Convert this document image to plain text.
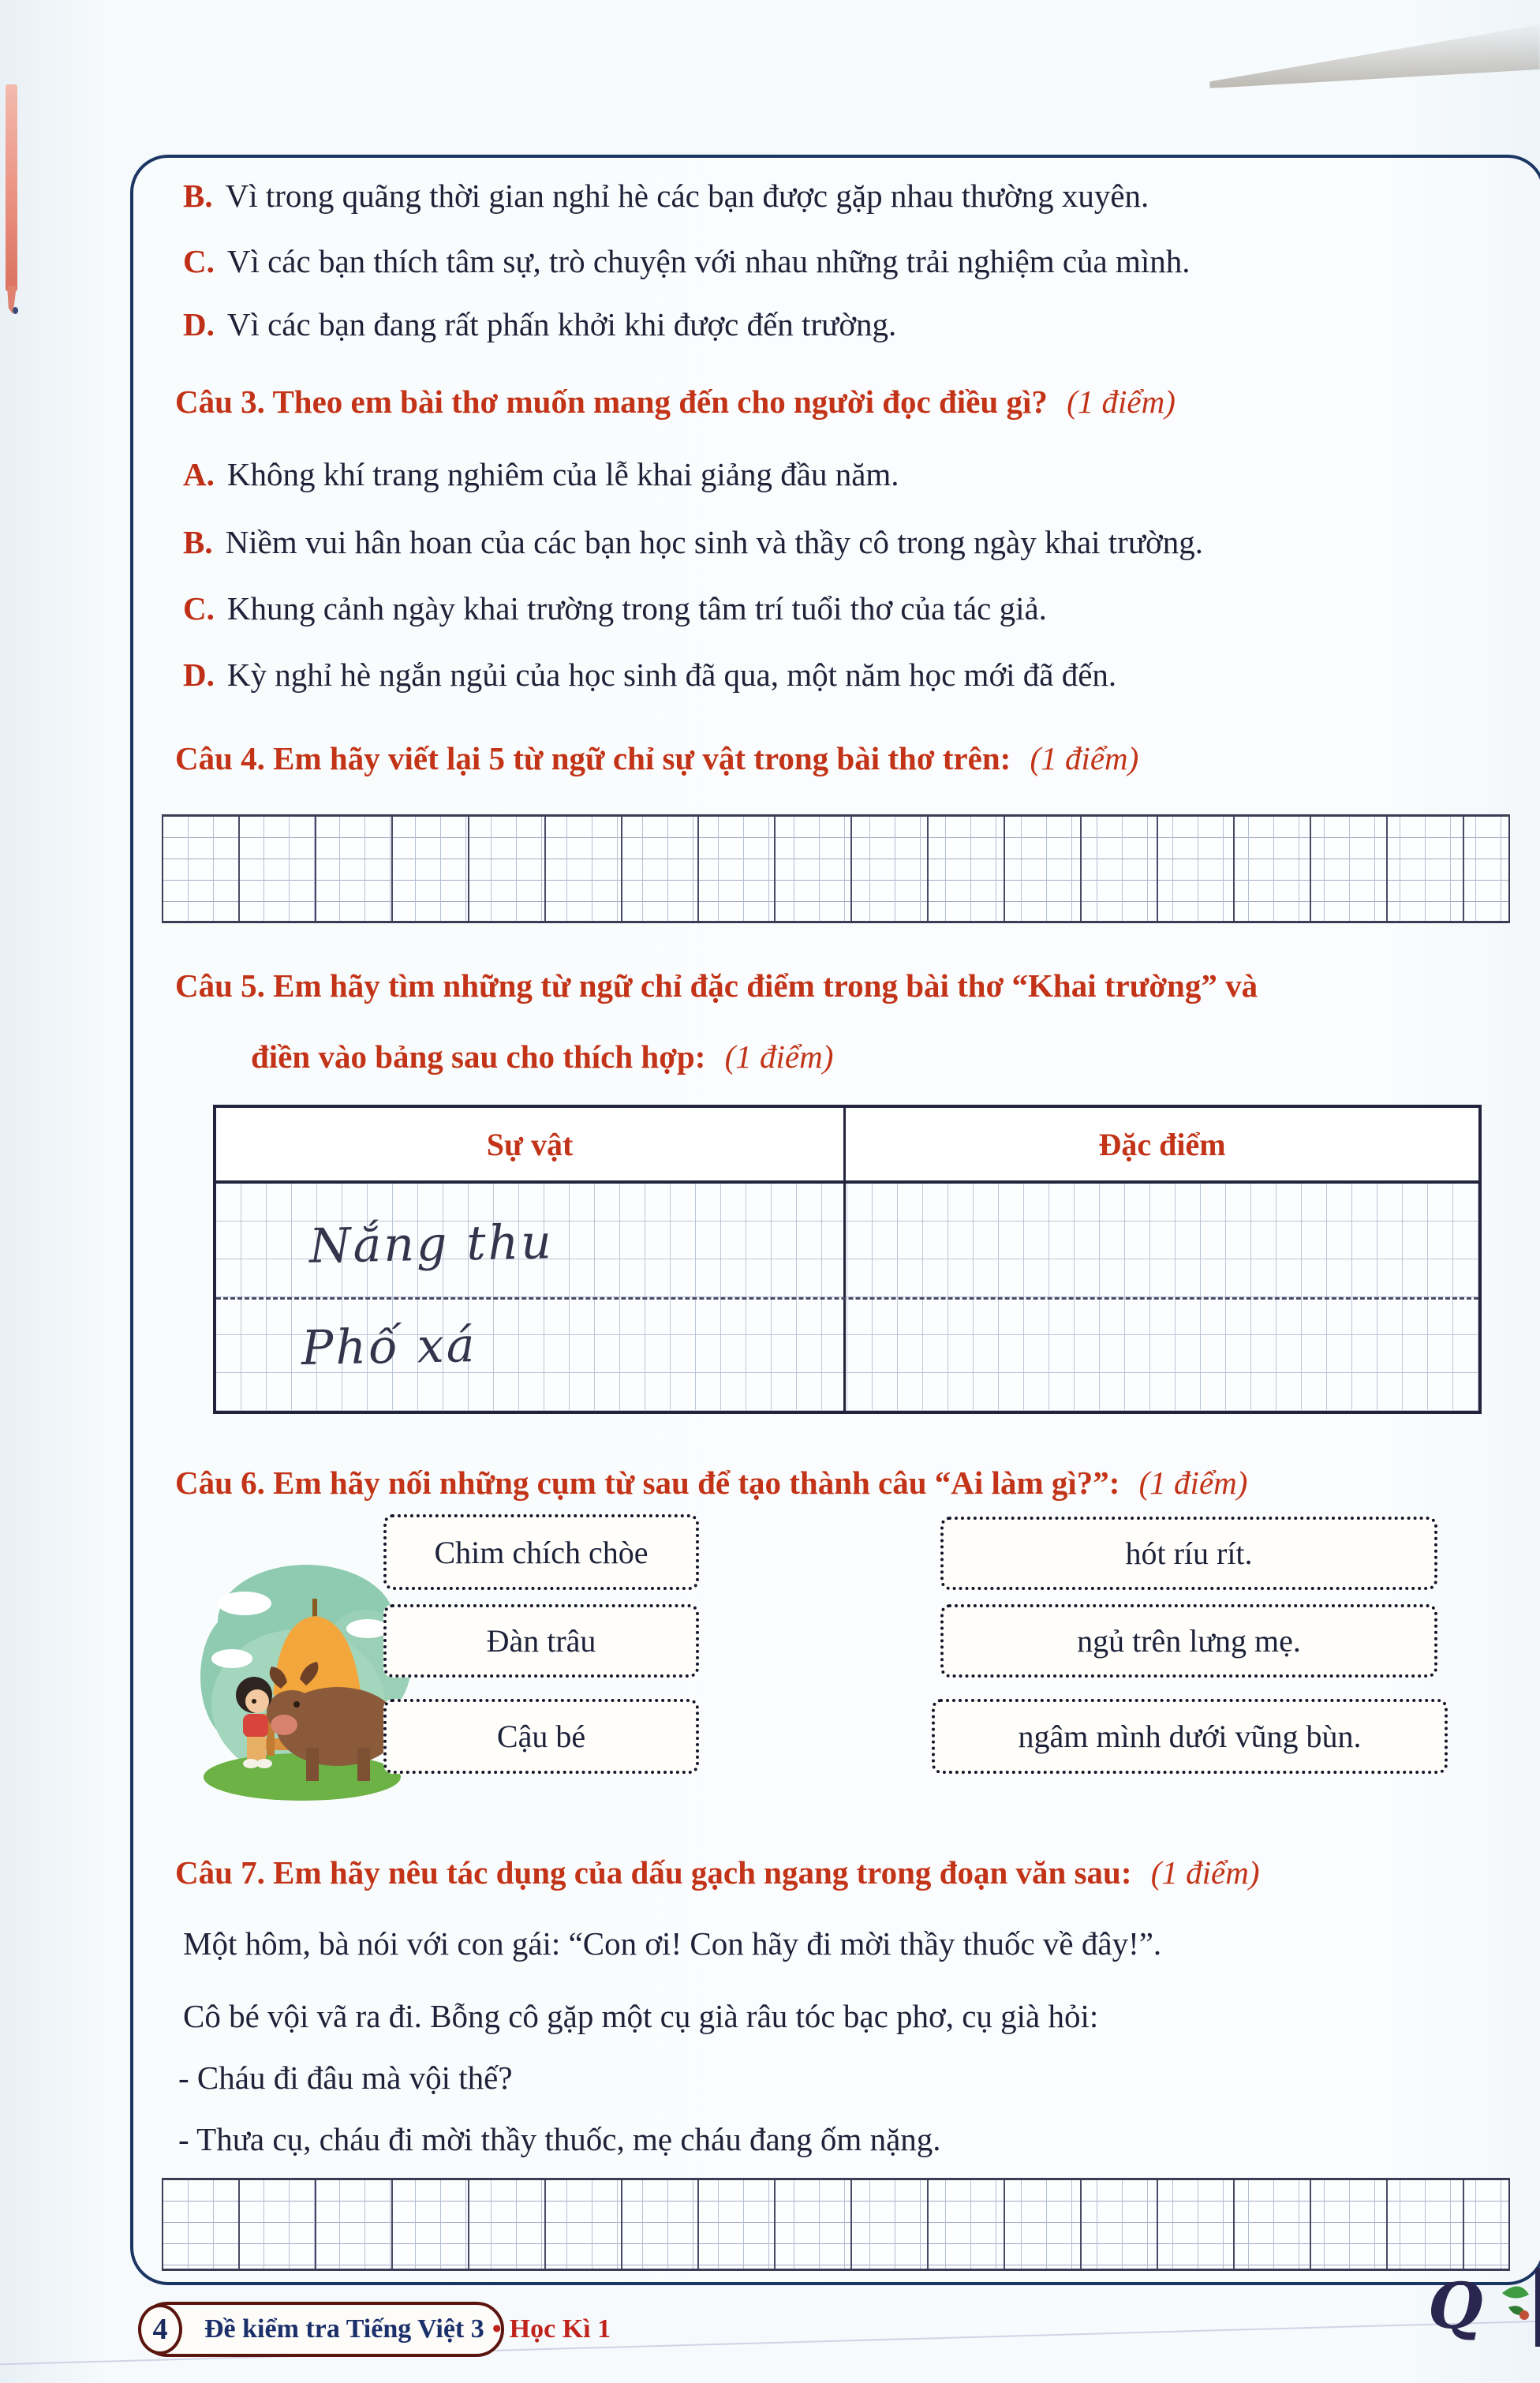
B. Vì trong quãng thời gian nghỉ hè các bạn được gặp nhau thường xuyên.
C. Vì các bạn thích tâm sự, trò chuyện với nhau những trải nghiệm của mình.
D. Vì các bạn đang rất phấn khởi khi được đến trường.
Câu 3. Theo em bài thơ muốn mang đến cho người đọc điều gì? (1 điểm)
A. Không khí trang nghiêm của lễ khai giảng đầu năm.
B. Niềm vui hân hoan của các bạn học sinh và thầy cô trong ngày khai trường.
C. Khung cảnh ngày khai trường trong tâm trí tuổi thơ của tác giả.
D. Kỳ nghỉ hè ngắn ngủi của học sinh đã qua, một năm học mới đã đến.
Câu 4. Em hãy viết lại 5 từ ngữ chỉ sự vật trong bài thơ trên: (1 điểm)
Câu 5. Em hãy tìm những từ ngữ chỉ đặc điểm trong bài thơ “Khai trường” và
điền vào bảng sau cho thích hợp: (1 điểm)
Sự vật	Đặc điểm
Nắng thu
Phố xá
Câu 6. Em hãy nối những cụm từ sau để tạo thành câu “Ai làm gì?”: (1 điểm)
Chim chích chòe	hót ríu rít.
Đàn trâu	ngủ trên lưng mẹ.
Cậu bé	ngâm mình dưới vũng bùn.
Câu 7. Em hãy nêu tác dụng của dấu gạch ngang trong đoạn văn sau: (1 điểm)
Một hôm, bà nói với con gái: “Con ơi! Con hãy đi mời thầy thuốc về đây!”.
Cô bé vội vã ra đi. Bỗng cô gặp một cụ già râu tóc bạc phơ, cụ già hỏi:
- Cháu đi đâu mà vội thế?
- Thưa cụ, cháu đi mời thầy thuốc, mẹ cháu đang ốm nặng.
4	Đề kiểm tra Tiếng Việt 3 • Học Kì 1	Q
